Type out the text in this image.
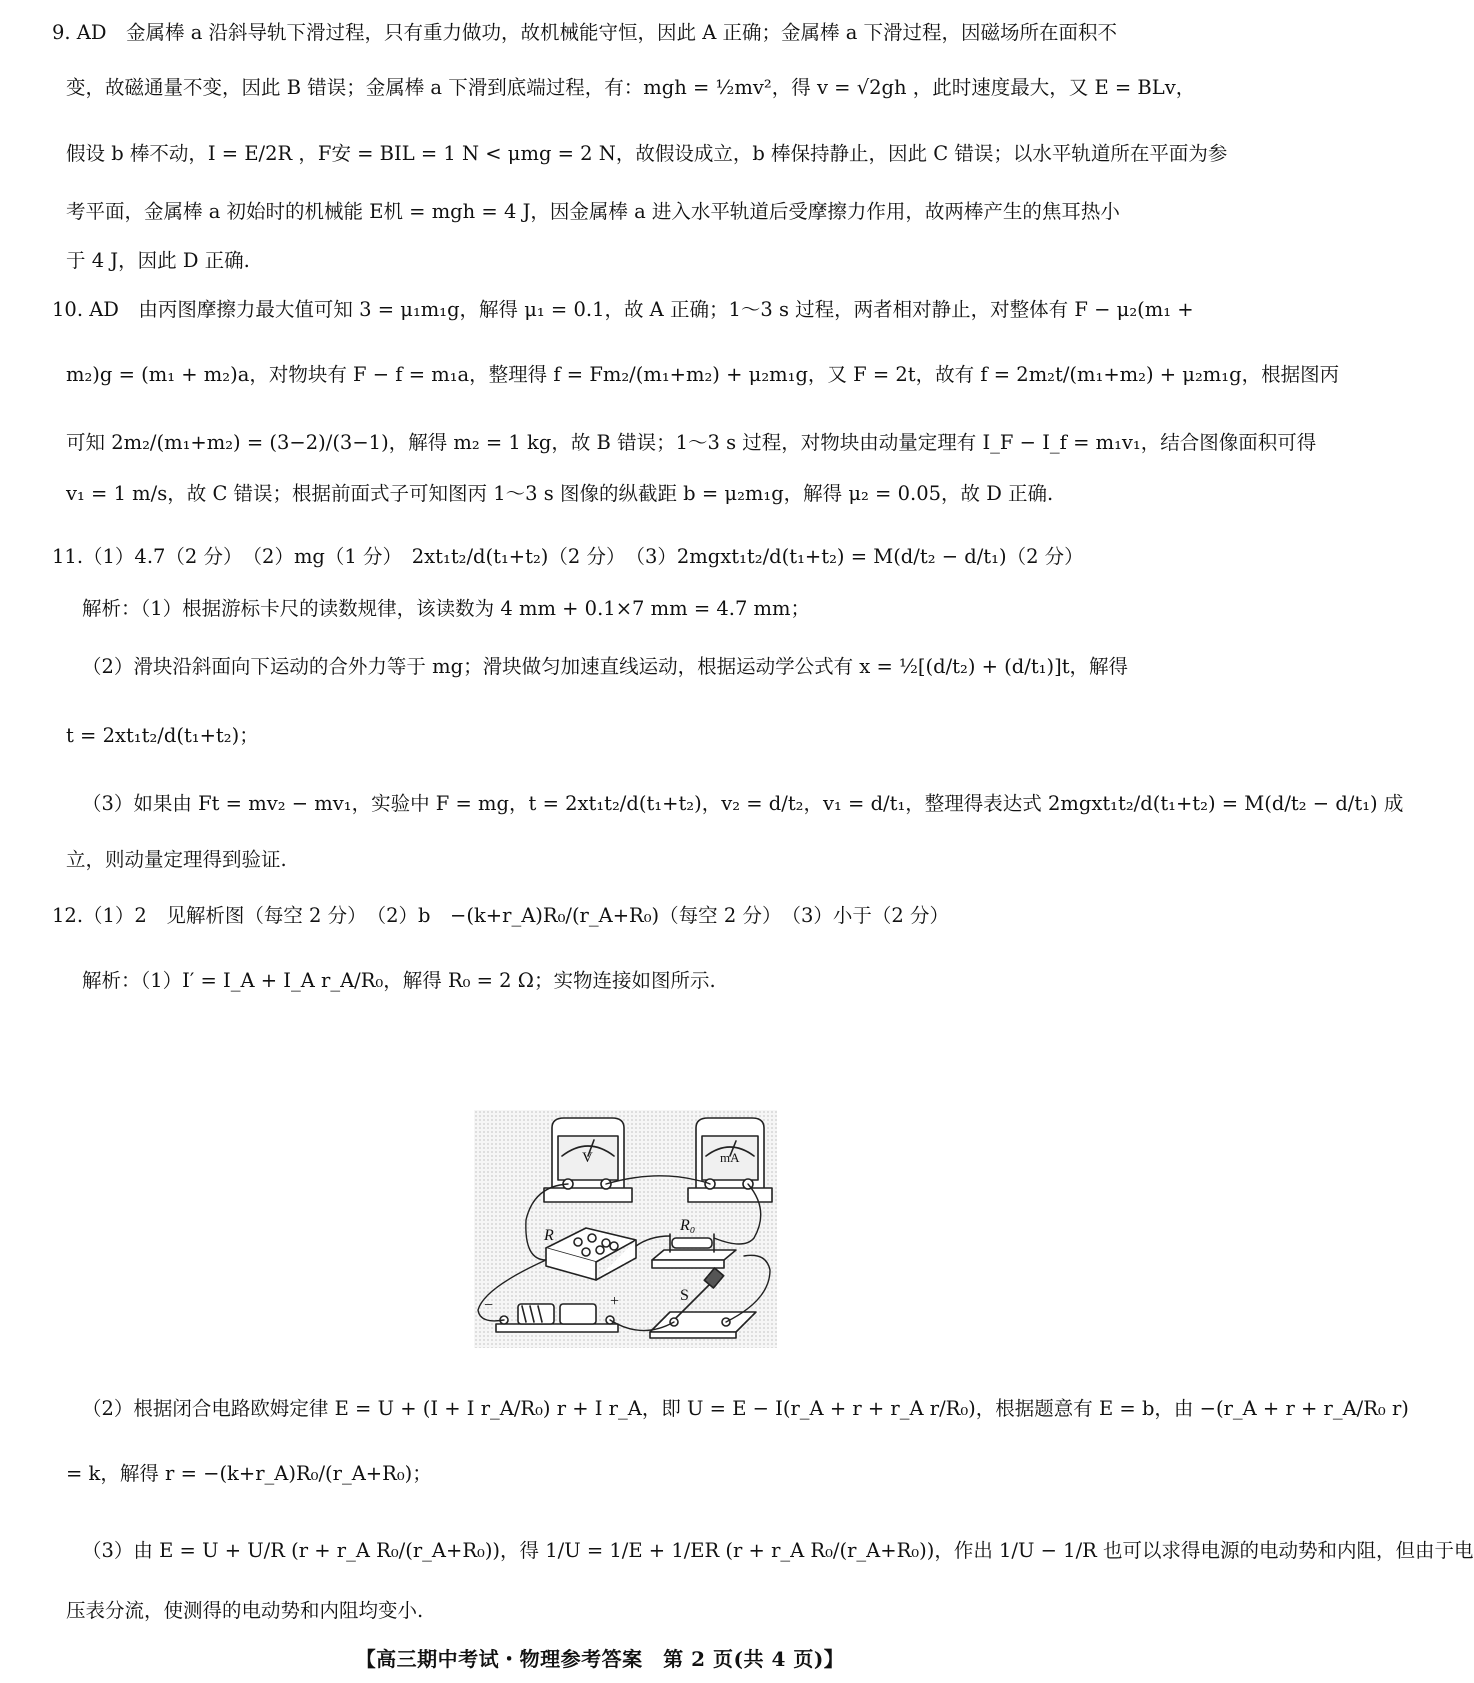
9. AD　金属棒 a 沿斜导轨下滑过程，只有重力做功，故机械能守恒，因此 A 正确；金属棒 a 下滑过程，因磁场所在面积不
变，故磁通量不变，因此 B 错误；金属棒 a 下滑到底端过程，有：mgh = ½mv²，得 v = √2gh ，此时速度最大，又 E = BLv，
假设 b 棒不动，I = E/2R ，F安 = BIL = 1 N < μmg = 2 N，故假设成立，b 棒保持静止，因此 C 错误；以水平轨道所在平面为参
考平面，金属棒 a 初始时的机械能 E机 = mgh = 4 J，因金属棒 a 进入水平轨道后受摩擦力作用，故两棒产生的焦耳热小
于 4 J，因此 D 正确.
10. AD　由丙图摩擦力最大值可知 3 = μ₁m₁g，解得 μ₁ = 0.1，故 A 正确；1～3 s 过程，两者相对静止，对整体有 F − μ₂(m₁ +
m₂)g = (m₁ + m₂)a，对物块有 F − f = m₁a，整理得 f = Fm₂/(m₁+m₂) + μ₂m₁g，又 F = 2t，故有 f = 2m₂t/(m₁+m₂) + μ₂m₁g，根据图丙
可知 2m₂/(m₁+m₂) = (3−2)/(3−1)，解得 m₂ = 1 kg，故 B 错误；1～3 s 过程，对物块由动量定理有 I_F − I_f = m₁v₁，结合图像面积可得
v₁ = 1 m/s，故 C 错误；根据前面式子可知图丙 1～3 s 图像的纵截距 b = μ₂m₁g，解得 μ₂ = 0.05，故 D 正确.
11.（1）4.7（2 分）　（2）mg（1 分）　2xt₁t₂/d(t₁+t₂)（2 分）　（3）2mgxt₁t₂/d(t₁+t₂) = M(d/t₂ − d/t₁)（2 分）
解析：（1）根据游标卡尺的读数规律，该读数为 4 mm + 0.1×7 mm = 4.7 mm；
（2）滑块沿斜面向下运动的合外力等于 mg；滑块做匀加速直线运动，根据运动学公式有 x = ½[(d/t₂) + (d/t₁)]t，解得
t = 2xt₁t₂/d(t₁+t₂)；
（3）如果由 Ft = mv₂ − mv₁，实验中 F = mg，t = 2xt₁t₂/d(t₁+t₂)，v₂ = d/t₂，v₁ = d/t₁，整理得表达式 2mgxt₁t₂/d(t₁+t₂) = M(d/t₂ − d/t₁) 成
立，则动量定理得到验证.
12.（1）2　见解析图（每空 2 分）　（2）b　−(k+r_A)R₀/(r_A+R₀)（每空 2 分）　（3）小于（2 分）
解析：（1）I′ = I_A + I_A r_A/R₀，解得 R₀ = 2 Ω；实物连接如图所示.
V	mA
R
R₀
S
−	+
（2）根据闭合电路欧姆定律 E = U + (I + I r_A/R₀) r + I r_A，即 U = E − I(r_A + r + r_A r/R₀)，根据题意有 E = b，由 −(r_A + r + r_A/R₀ r)
= k，解得 r = −(k+r_A)R₀/(r_A+R₀)；
（3）由 E = U + U/R (r + r_A R₀/(r_A+R₀))，得 1/U = 1/E + 1/ER (r + r_A R₀/(r_A+R₀))，作出 1/U − 1/R 也可以求得电源的电动势和内阻，但由于电
压表分流，使测得的电动势和内阻均变小.
【高三期中考试・物理参考答案　第 2 页(共 4 页)】
